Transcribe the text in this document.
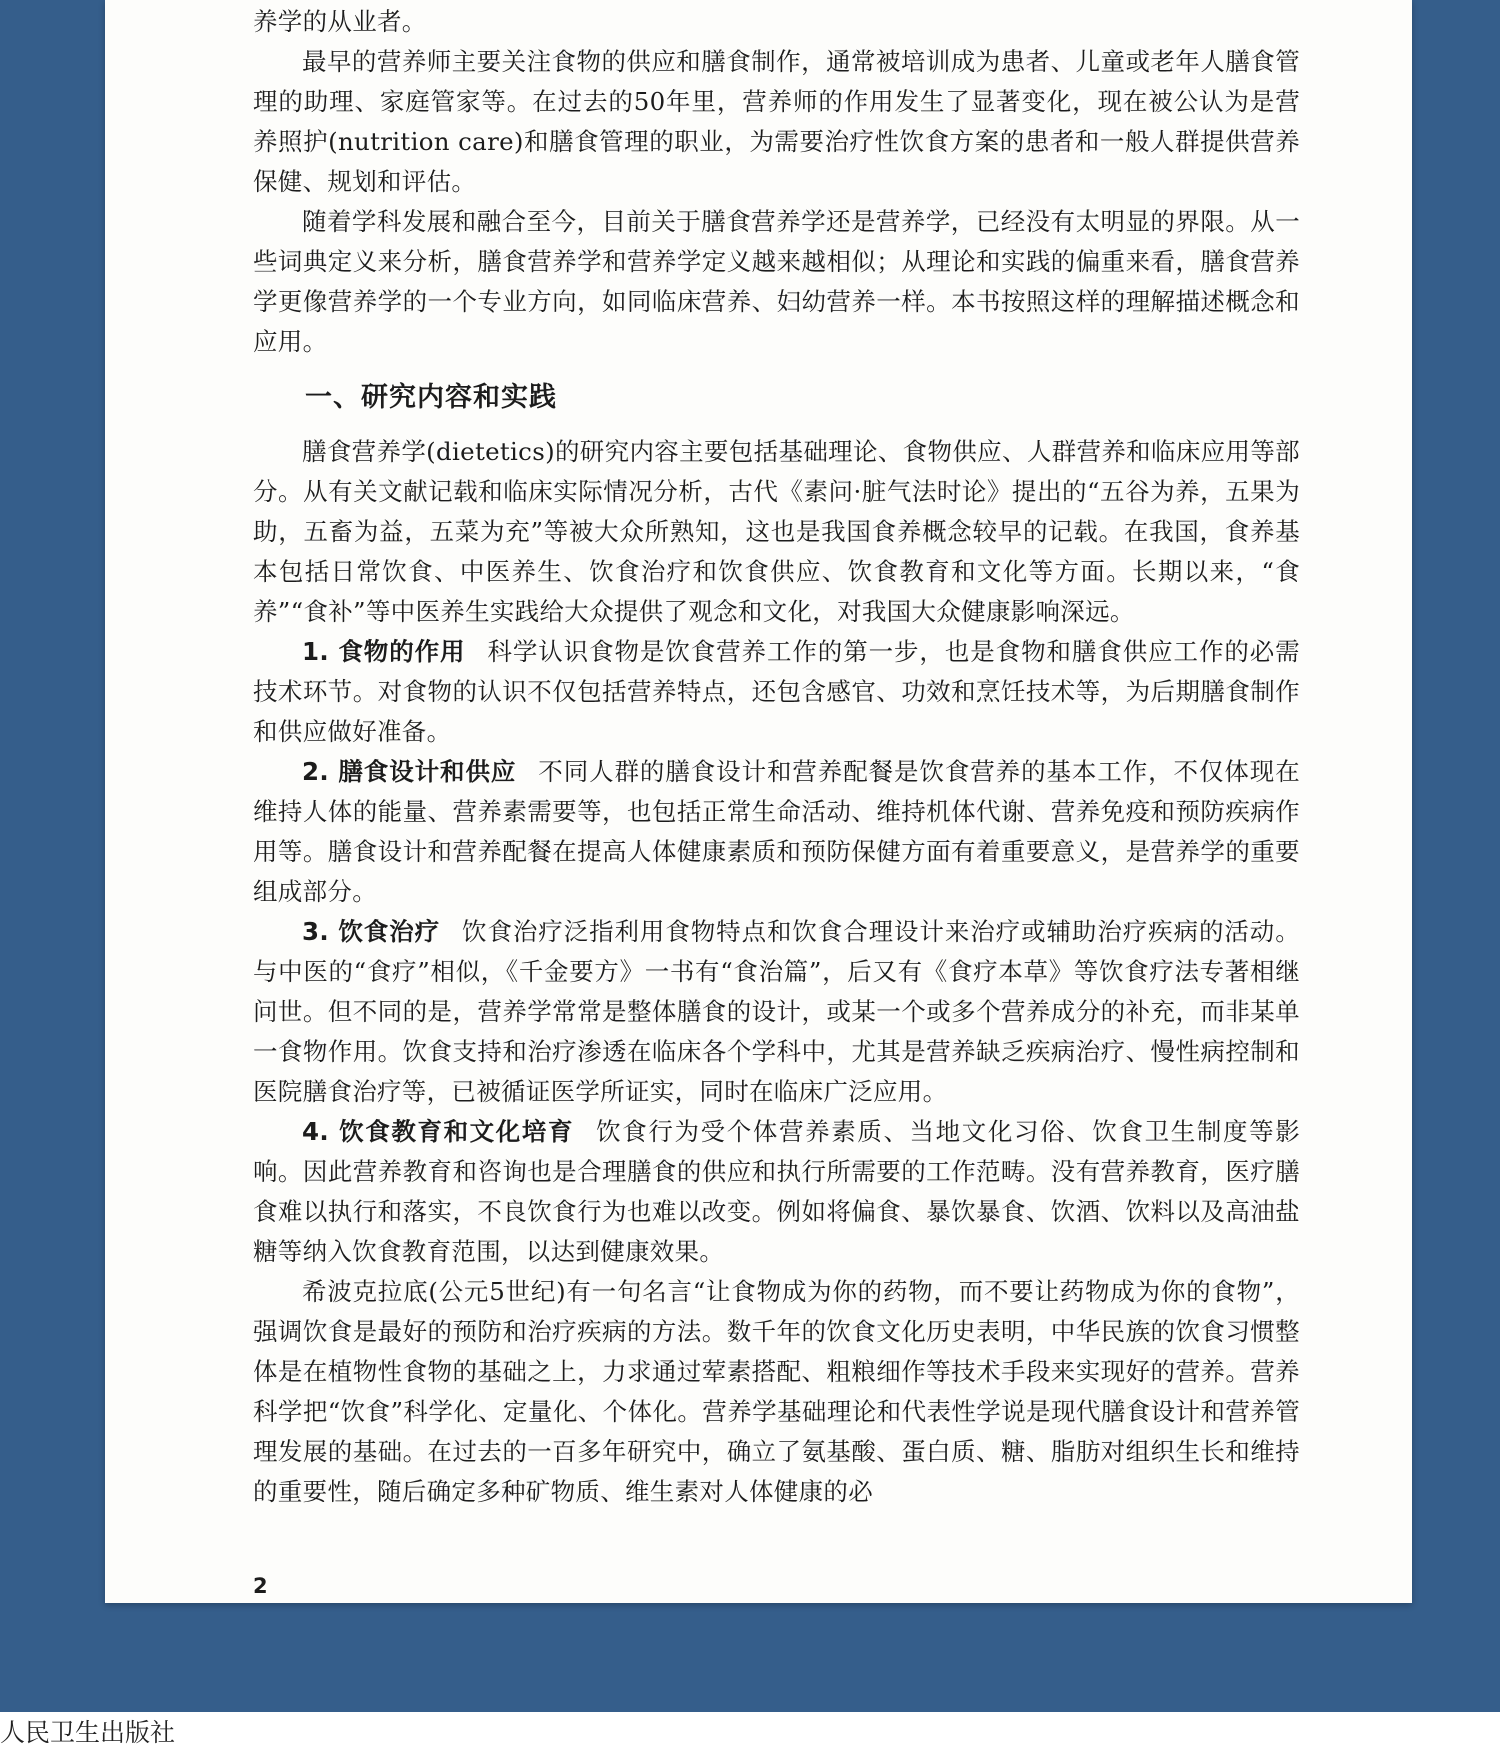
养学的从业者。

最早的营养师主要关注食物的供应和膳食制作，通常被培训成为患者、儿童或老年人膳食管理的助理、家庭管家等。在过去的50年里，营养师的作用发生了显著变化，现在被公认为是营养照护(nutrition care)和膳食管理的职业，为需要治疗性饮食方案的患者和一般人群提供营养保健、规划和评估。

随着学科发展和融合至今，目前关于膳食营养学还是营养学，已经没有太明显的界限。从一些词典定义来分析，膳食营养学和营养学定义越来越相似；从理论和实践的偏重来看，膳食营养学更像营养学的一个专业方向，如同临床营养、妇幼营养一样。本书按照这样的理解描述概念和应用。

一、研究内容和实践

膳食营养学(dietetics)的研究内容主要包括基础理论、食物供应、人群营养和临床应用等部分。从有关文献记载和临床实际情况分析，古代《素问·脏气法时论》提出的“五谷为养，五果为助，五畜为益，五菜为充”等被大众所熟知，这也是我国食养概念较早的记载。在我国，食养基本包括日常饮食、中医养生、饮食治疗和饮食供应、饮食教育和文化等方面。长期以来，“食养”“食补”等中医养生实践给大众提供了观念和文化，对我国大众健康影响深远。

1. 食物的作用 科学认识食物是饮食营养工作的第一步，也是食物和膳食供应工作的必需技术环节。对食物的认识不仅包括营养特点，还包含感官、功效和烹饪技术等，为后期膳食制作和供应做好准备。

2. 膳食设计和供应 不同人群的膳食设计和营养配餐是饮食营养的基本工作，不仅体现在维持人体的能量、营养素需要等，也包括正常生命活动、维持机体代谢、营养免疫和预防疾病作用等。膳食设计和营养配餐在提高人体健康素质和预防保健方面有着重要意义，是营养学的重要组成部分。

3. 饮食治疗 饮食治疗泛指利用食物特点和饮食合理设计来治疗或辅助治疗疾病的活动。与中医的“食疗”相似，《千金要方》一书有“食治篇”，后又有《食疗本草》等饮食疗法专著相继问世。但不同的是，营养学常常是整体膳食的设计，或某一个或多个营养成分的补充，而非某单一食物作用。饮食支持和治疗渗透在临床各个学科中，尤其是营养缺乏疾病治疗、慢性病控制和医院膳食治疗等，已被循证医学所证实，同时在临床广泛应用。

4. 饮食教育和文化培育 饮食行为受个体营养素质、当地文化习俗、饮食卫生制度等影响。因此营养教育和咨询也是合理膳食的供应和执行所需要的工作范畴。没有营养教育，医疗膳食难以执行和落实，不良饮食行为也难以改变。例如将偏食、暴饮暴食、饮酒、饮料以及高油盐糖等纳入饮食教育范围，以达到健康效果。

希波克拉底(公元5世纪)有一句名言“让食物成为你的药物，而不要让药物成为你的食物”，强调饮食是最好的预防和治疗疾病的方法。数千年的饮食文化历史表明，中华民族的饮食习惯整体是在植物性食物的基础之上，力求通过荤素搭配、粗粮细作等技术手段来实现好的营养。营养科学把“饮食”科学化、定量化、个体化。营养学基础理论和代表性学说是现代膳食设计和营养管理发展的基础。在过去的一百多年研究中，确立了氨基酸、蛋白质、糖、脂肪对组织生长和维持的重要性，随后确定多种矿物质、维生素对人体健康的必

2
人民卫生出版社
